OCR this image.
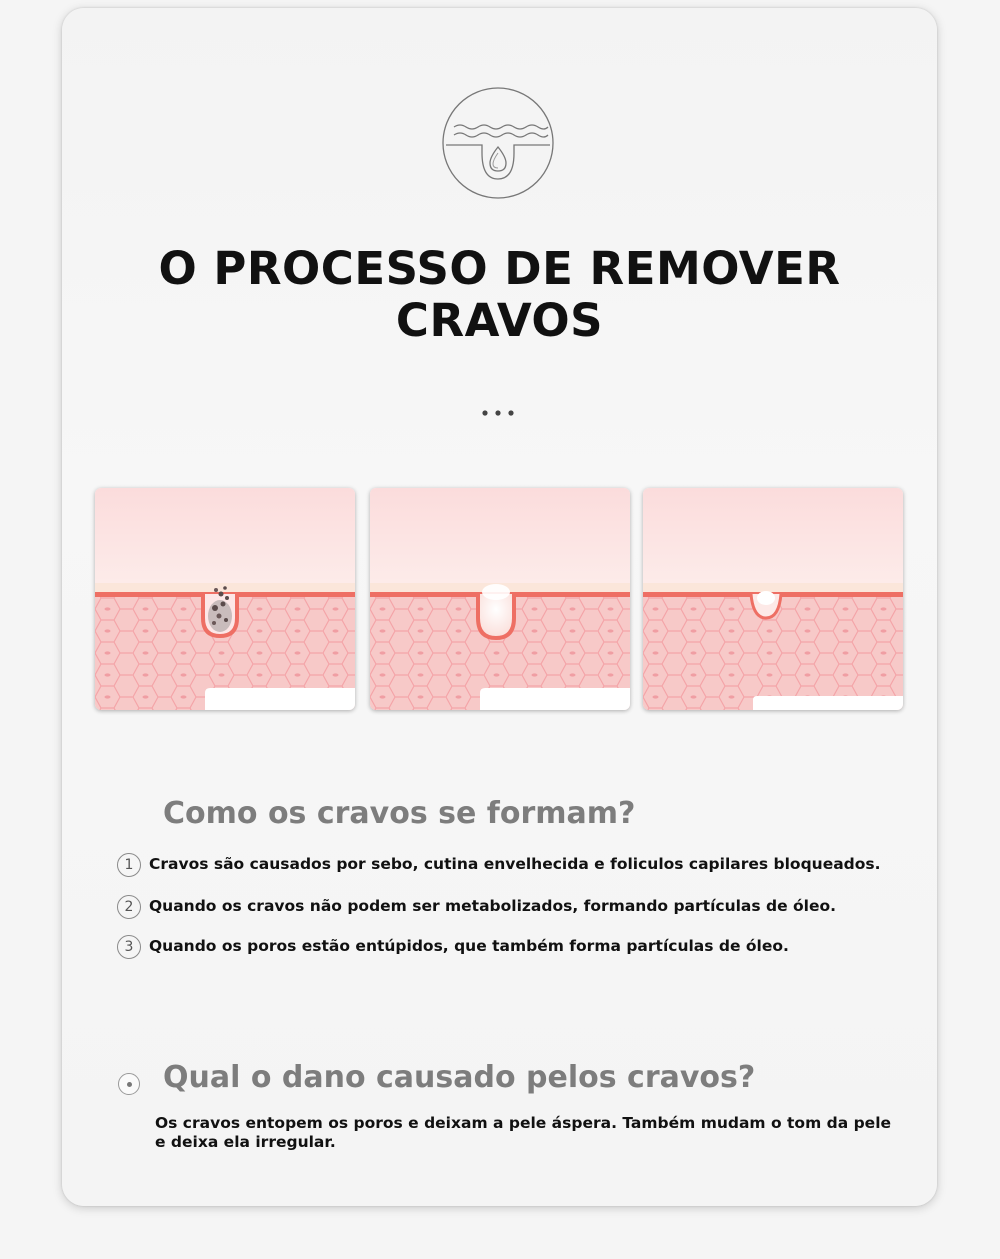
O PROCESSO DE REMOVER
CRAVOS
Como os cravos se formam?
1	Cravos são causados por sebo, cutina envelhecida e foliculos capilares bloqueados.
2	Quando os cravos não podem ser metabolizados, formando partículas de óleo.
3	Quando os poros estão entúpidos, que também forma partículas de óleo.
Qual o dano causado pelos cravos?
Os cravos entopem os poros e deixam a pele áspera. Também mudam o tom da pele
e deixa ela irregular.
